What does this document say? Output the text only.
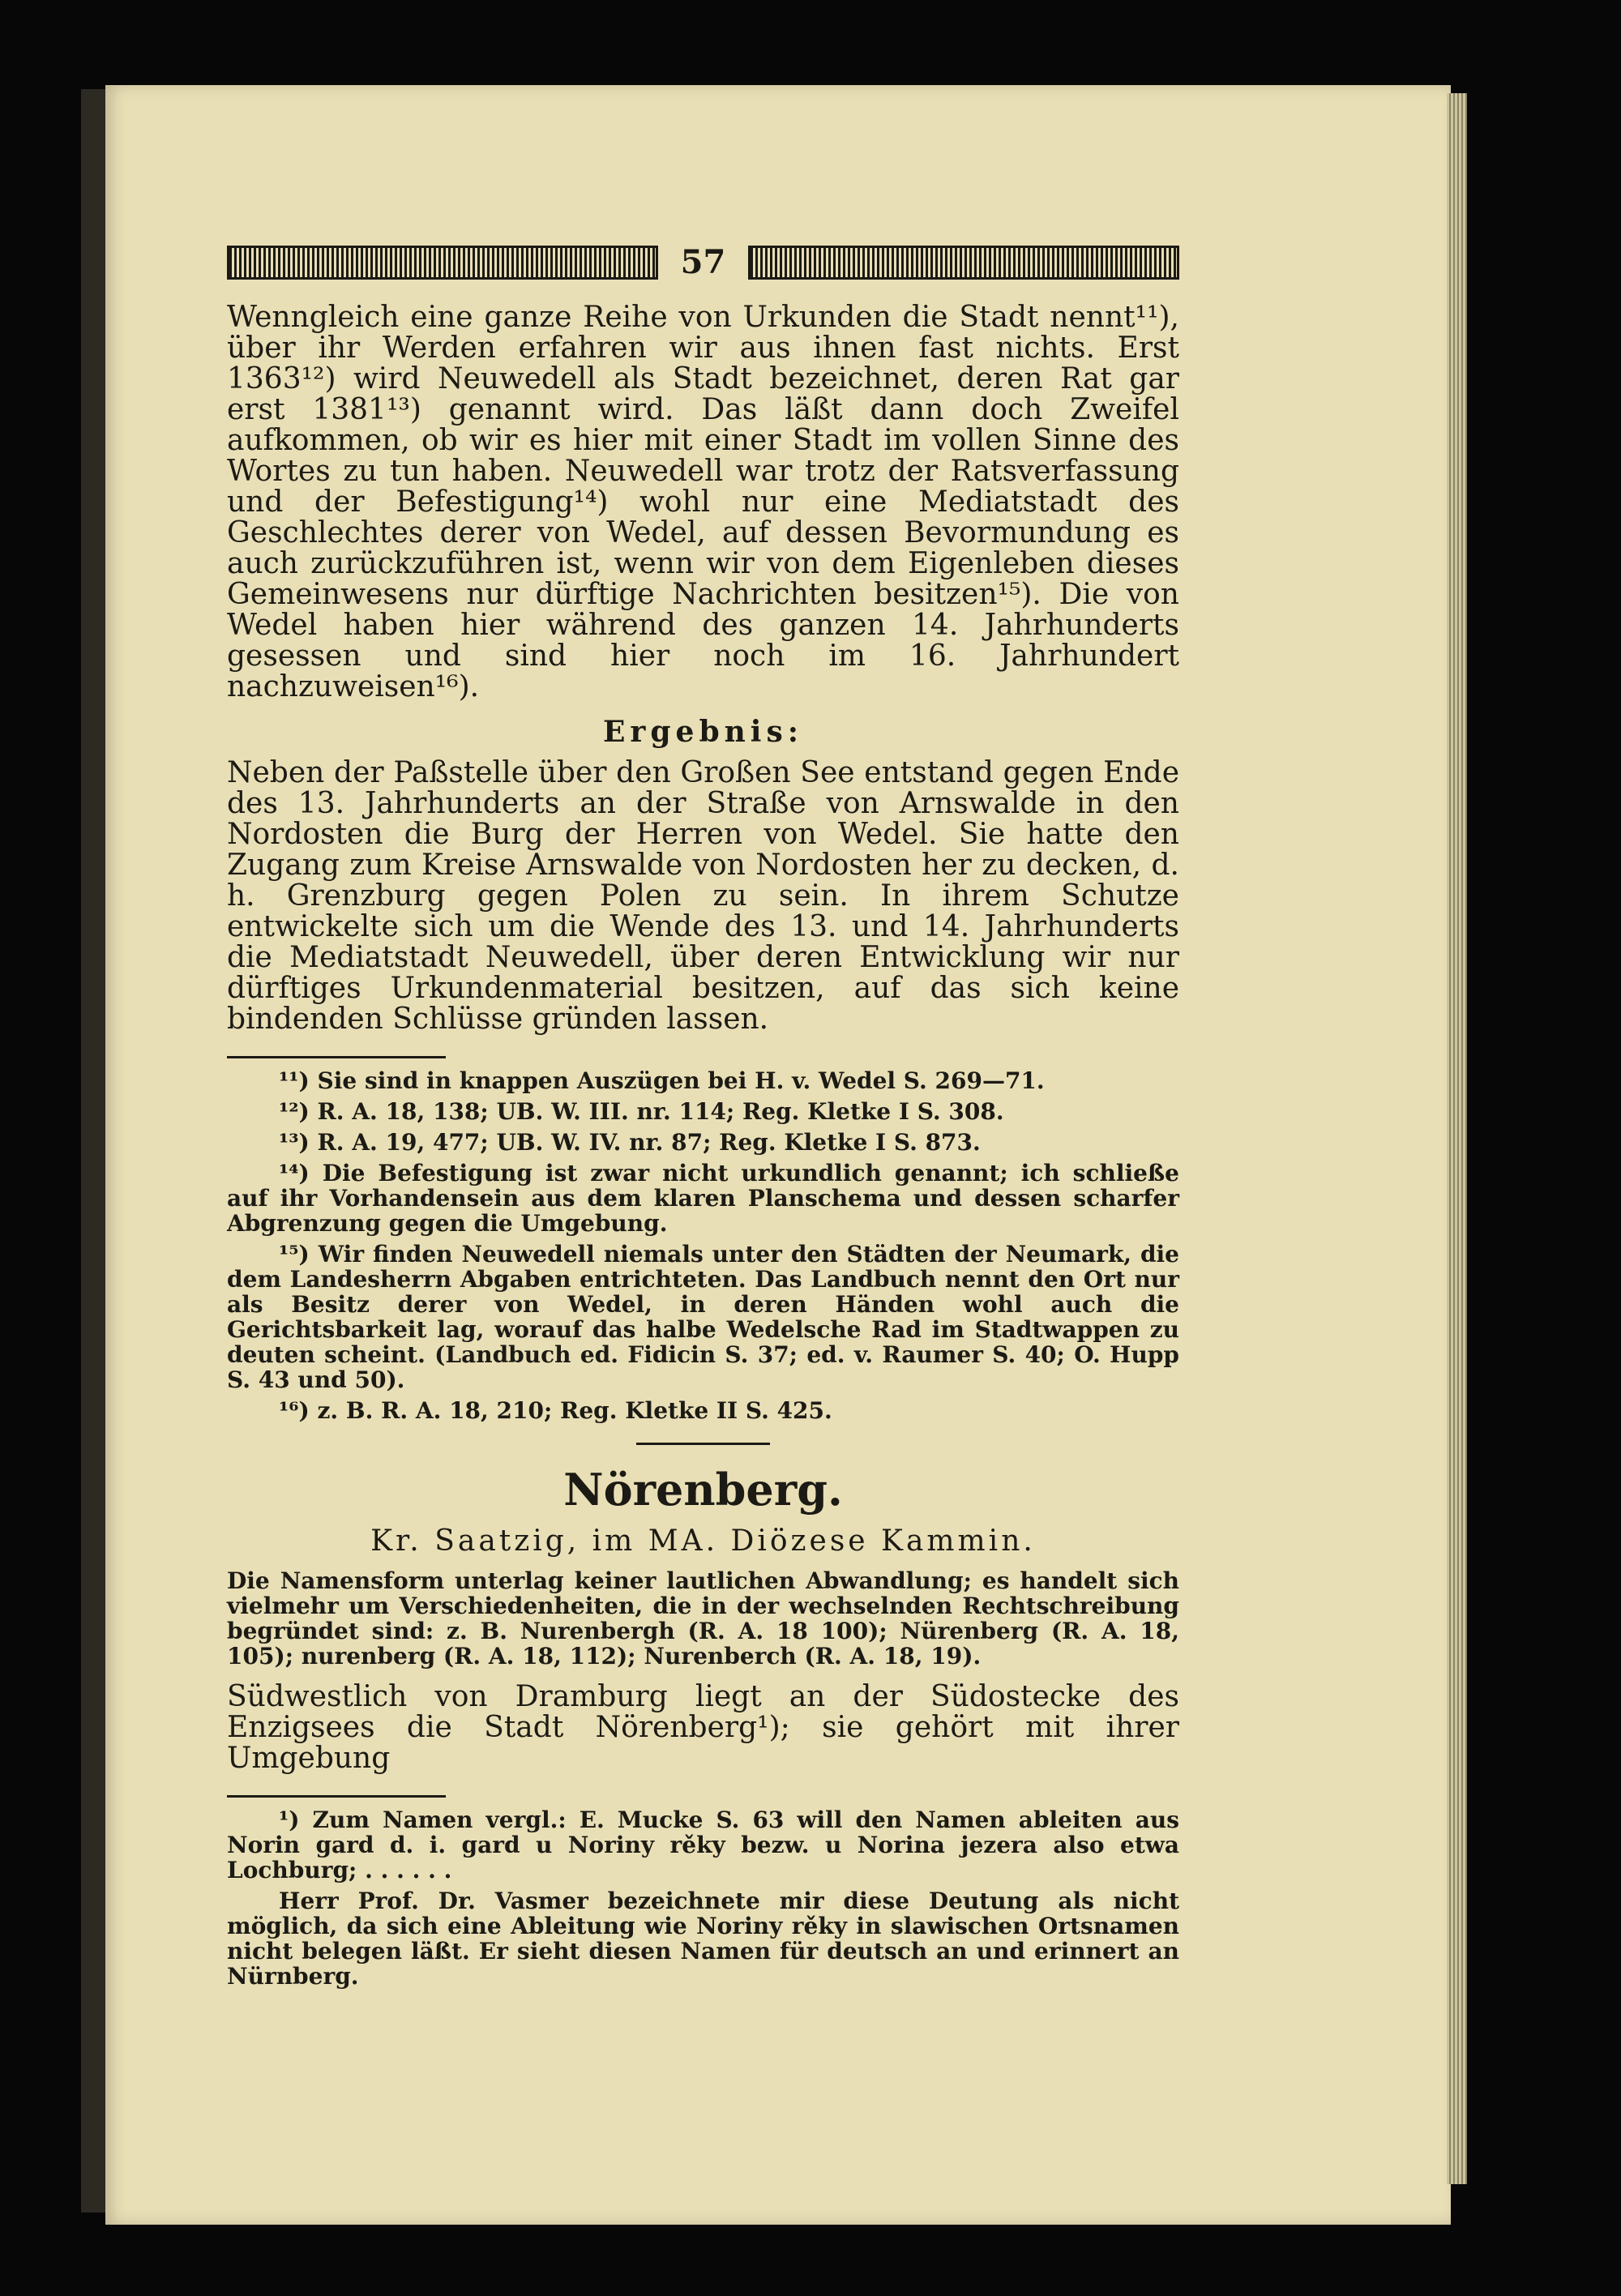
57

Wenngleich eine ganze Reihe von Urkunden die Stadt nennt¹¹), über ihr Werden erfahren wir aus ihnen fast nichts. Erst 1363¹²) wird Neuwedell als Stadt bezeichnet, deren Rat gar erst 1381¹³) genannt wird. Das läßt dann doch Zweifel aufkommen, ob wir es hier mit einer Stadt im vollen Sinne des Wortes zu tun haben. Neuwedell war trotz der Ratsverfassung und der Befestigung¹⁴) wohl nur eine Mediatstadt des Geschlechtes derer von Wedel, auf dessen Bevormundung es auch zurückzuführen ist, wenn wir von dem Eigenleben dieses Gemeinwesens nur dürftige Nachrichten besitzen¹⁵). Die von Wedel haben hier während des ganzen 14. Jahrhunderts gesessen und sind hier noch im 16. Jahrhundert nachzuweisen¹⁶).

Ergebnis:

Neben der Paßstelle über den Großen See entstand gegen Ende des 13. Jahrhunderts an der Straße von Arnswalde in den Nordosten die Burg der Herren von Wedel. Sie hatte den Zugang zum Kreise Arnswalde von Nordosten her zu decken, d. h. Grenzburg gegen Polen zu sein. In ihrem Schutze entwickelte sich um die Wende des 13. und 14. Jahrhunderts die Mediatstadt Neuwedell, über deren Entwicklung wir nur dürftiges Urkundenmaterial besitzen, auf das sich keine bindenden Schlüsse gründen lassen.

¹¹) Sie sind in knappen Auszügen bei H. v. Wedel S. 269—71.

¹²) R. A. 18, 138; UB. W. III. nr. 114; Reg. Kletke I S. 308.

¹³) R. A. 19, 477; UB. W. IV. nr. 87; Reg. Kletke I S. 873.

¹⁴) Die Befestigung ist zwar nicht urkundlich genannt; ich schließe auf ihr Vorhandensein aus dem klaren Planschema und dessen scharfer Abgrenzung gegen die Umgebung.

¹⁵) Wir finden Neuwedell niemals unter den Städten der Neumark, die dem Landesherrn Abgaben entrichteten. Das Landbuch nennt den Ort nur als Besitz derer von Wedel, in deren Händen wohl auch die Gerichtsbarkeit lag, worauf das halbe Wedelsche Rad im Stadtwappen zu deuten scheint. (Landbuch ed. Fidicin S. 37; ed. v. Raumer S. 40; O. Hupp S. 43 und 50).

¹⁶) z. B. R. A. 18, 210; Reg. Kletke II S. 425.

Nörenberg.
Kr. Saatzig, im MA. Diözese Kammin.

Die Namensform unterlag keiner lautlichen Abwandlung; es handelt sich vielmehr um Verschiedenheiten, die in der wechselnden Rechtschreibung begründet sind: z. B. Nurenbergh (R. A. 18 100); Nürenberg (R. A. 18, 105); nurenberg (R. A. 18, 112); Nurenberch (R. A. 18, 19).

Südwestlich von Dramburg liegt an der Südostecke des Enzigsees die Stadt Nörenberg¹); sie gehört mit ihrer Umgebung

¹) Zum Namen vergl.: E. Mucke S. 63 will den Namen ableiten aus Norin gard d. i. gard u Noriny rěky bezw. u Norina jezera also etwa Lochburg; . . . . . .

Herr Prof. Dr. Vasmer bezeichnete mir diese Deutung als nicht möglich, da sich eine Ableitung wie Noriny rěky in slawischen Ortsnamen nicht belegen läßt. Er sieht diesen Namen für deutsch an und erinnert an Nürnberg.
